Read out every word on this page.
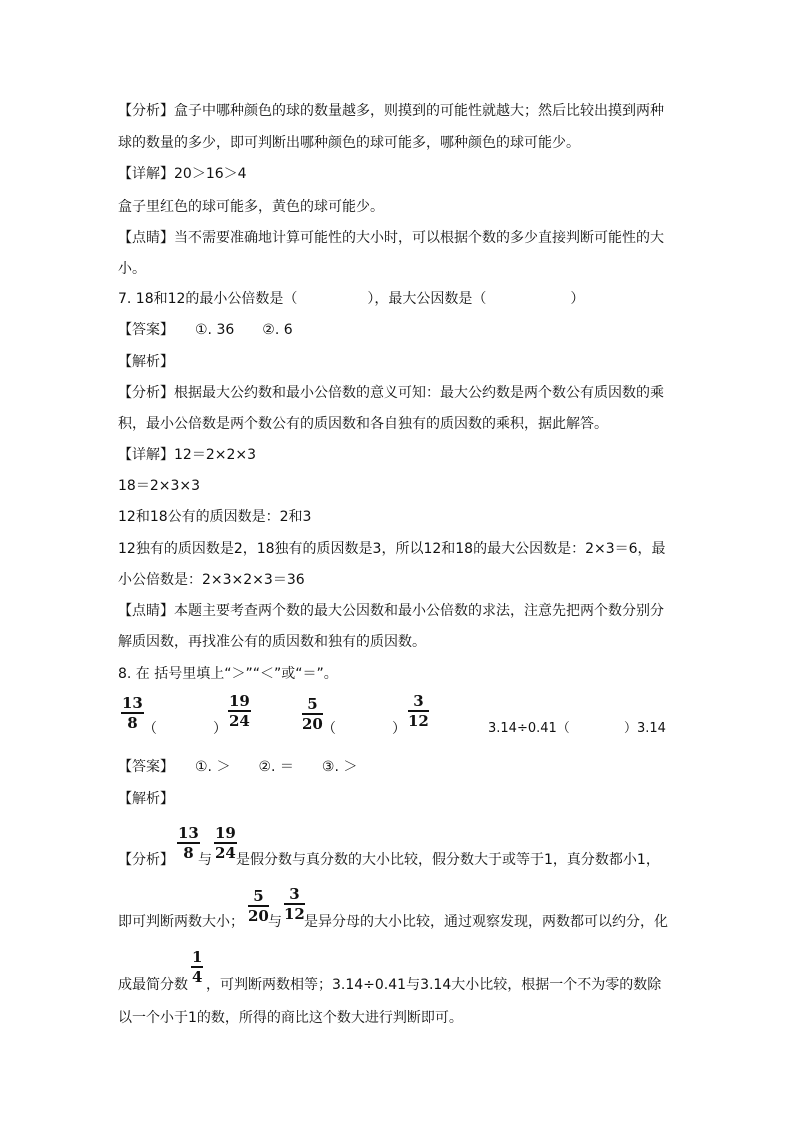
【分析】盒子中哪种颜色的球的数量越多，则摸到的可能性就越大；然后比较出摸到两种
球的数量的多少，即可判断出哪种颜色的球可能多，哪种颜色的球可能少。
【详解】20＞16＞4
盒子里红色的球可能多，黄色的球可能少。
【点睛】当不需要准确地计算可能性的大小时，可以根据个数的多少直接判断可能性的大
小。
7. 18和12的最小公倍数是（　　　　　），最大公因数是（　　　　　　）
【答案】　　①. 36　　②. 6
【解析】
【分析】根据最大公约数和最小公倍数的意义可知：最大公约数是两个数公有质因数的乘
积，最小公倍数是两个数公有的质因数和各自独有的质因数的乘积，据此解答。
【详解】12＝2×2×3
18＝2×3×3
12和18公有的质因数是：2和3
12独有的质因数是2，18独有的质因数是3，所以12和18的最大公因数是：2×3＝6，最
小公倍数是：2×3×2×3＝36
【点睛】本题主要考查两个数的最大公因数和最小公倍数的求法，注意先把两个数分别分
解质因数，再找准公有的质因数和独有的质因数。
8. 在 括号里填上“＞”“＜”或“＝”。
13
8 （　　　　）
19
24
5
20 （　　　　）
3
12	3.14÷0.41（	）3.14
【答案】　　①. ＞　　②. ＝　　③. ＞
【解析】
【分析】
13
8 与
19
24 是假分数与真分数的大小比较，假分数大于或等于1，真分数都小1，
即可判断两数大小；
5
20 与
3
12 是异分母的大小比较，通过观察发现，两数都可以约分，化
成最简分数
1
4 ，可判断两数相等；3.14÷0.41与3.14大小比较，根据一个不为零的数除
以一个小于1的数，所得的商比这个数大进行判断即可。
